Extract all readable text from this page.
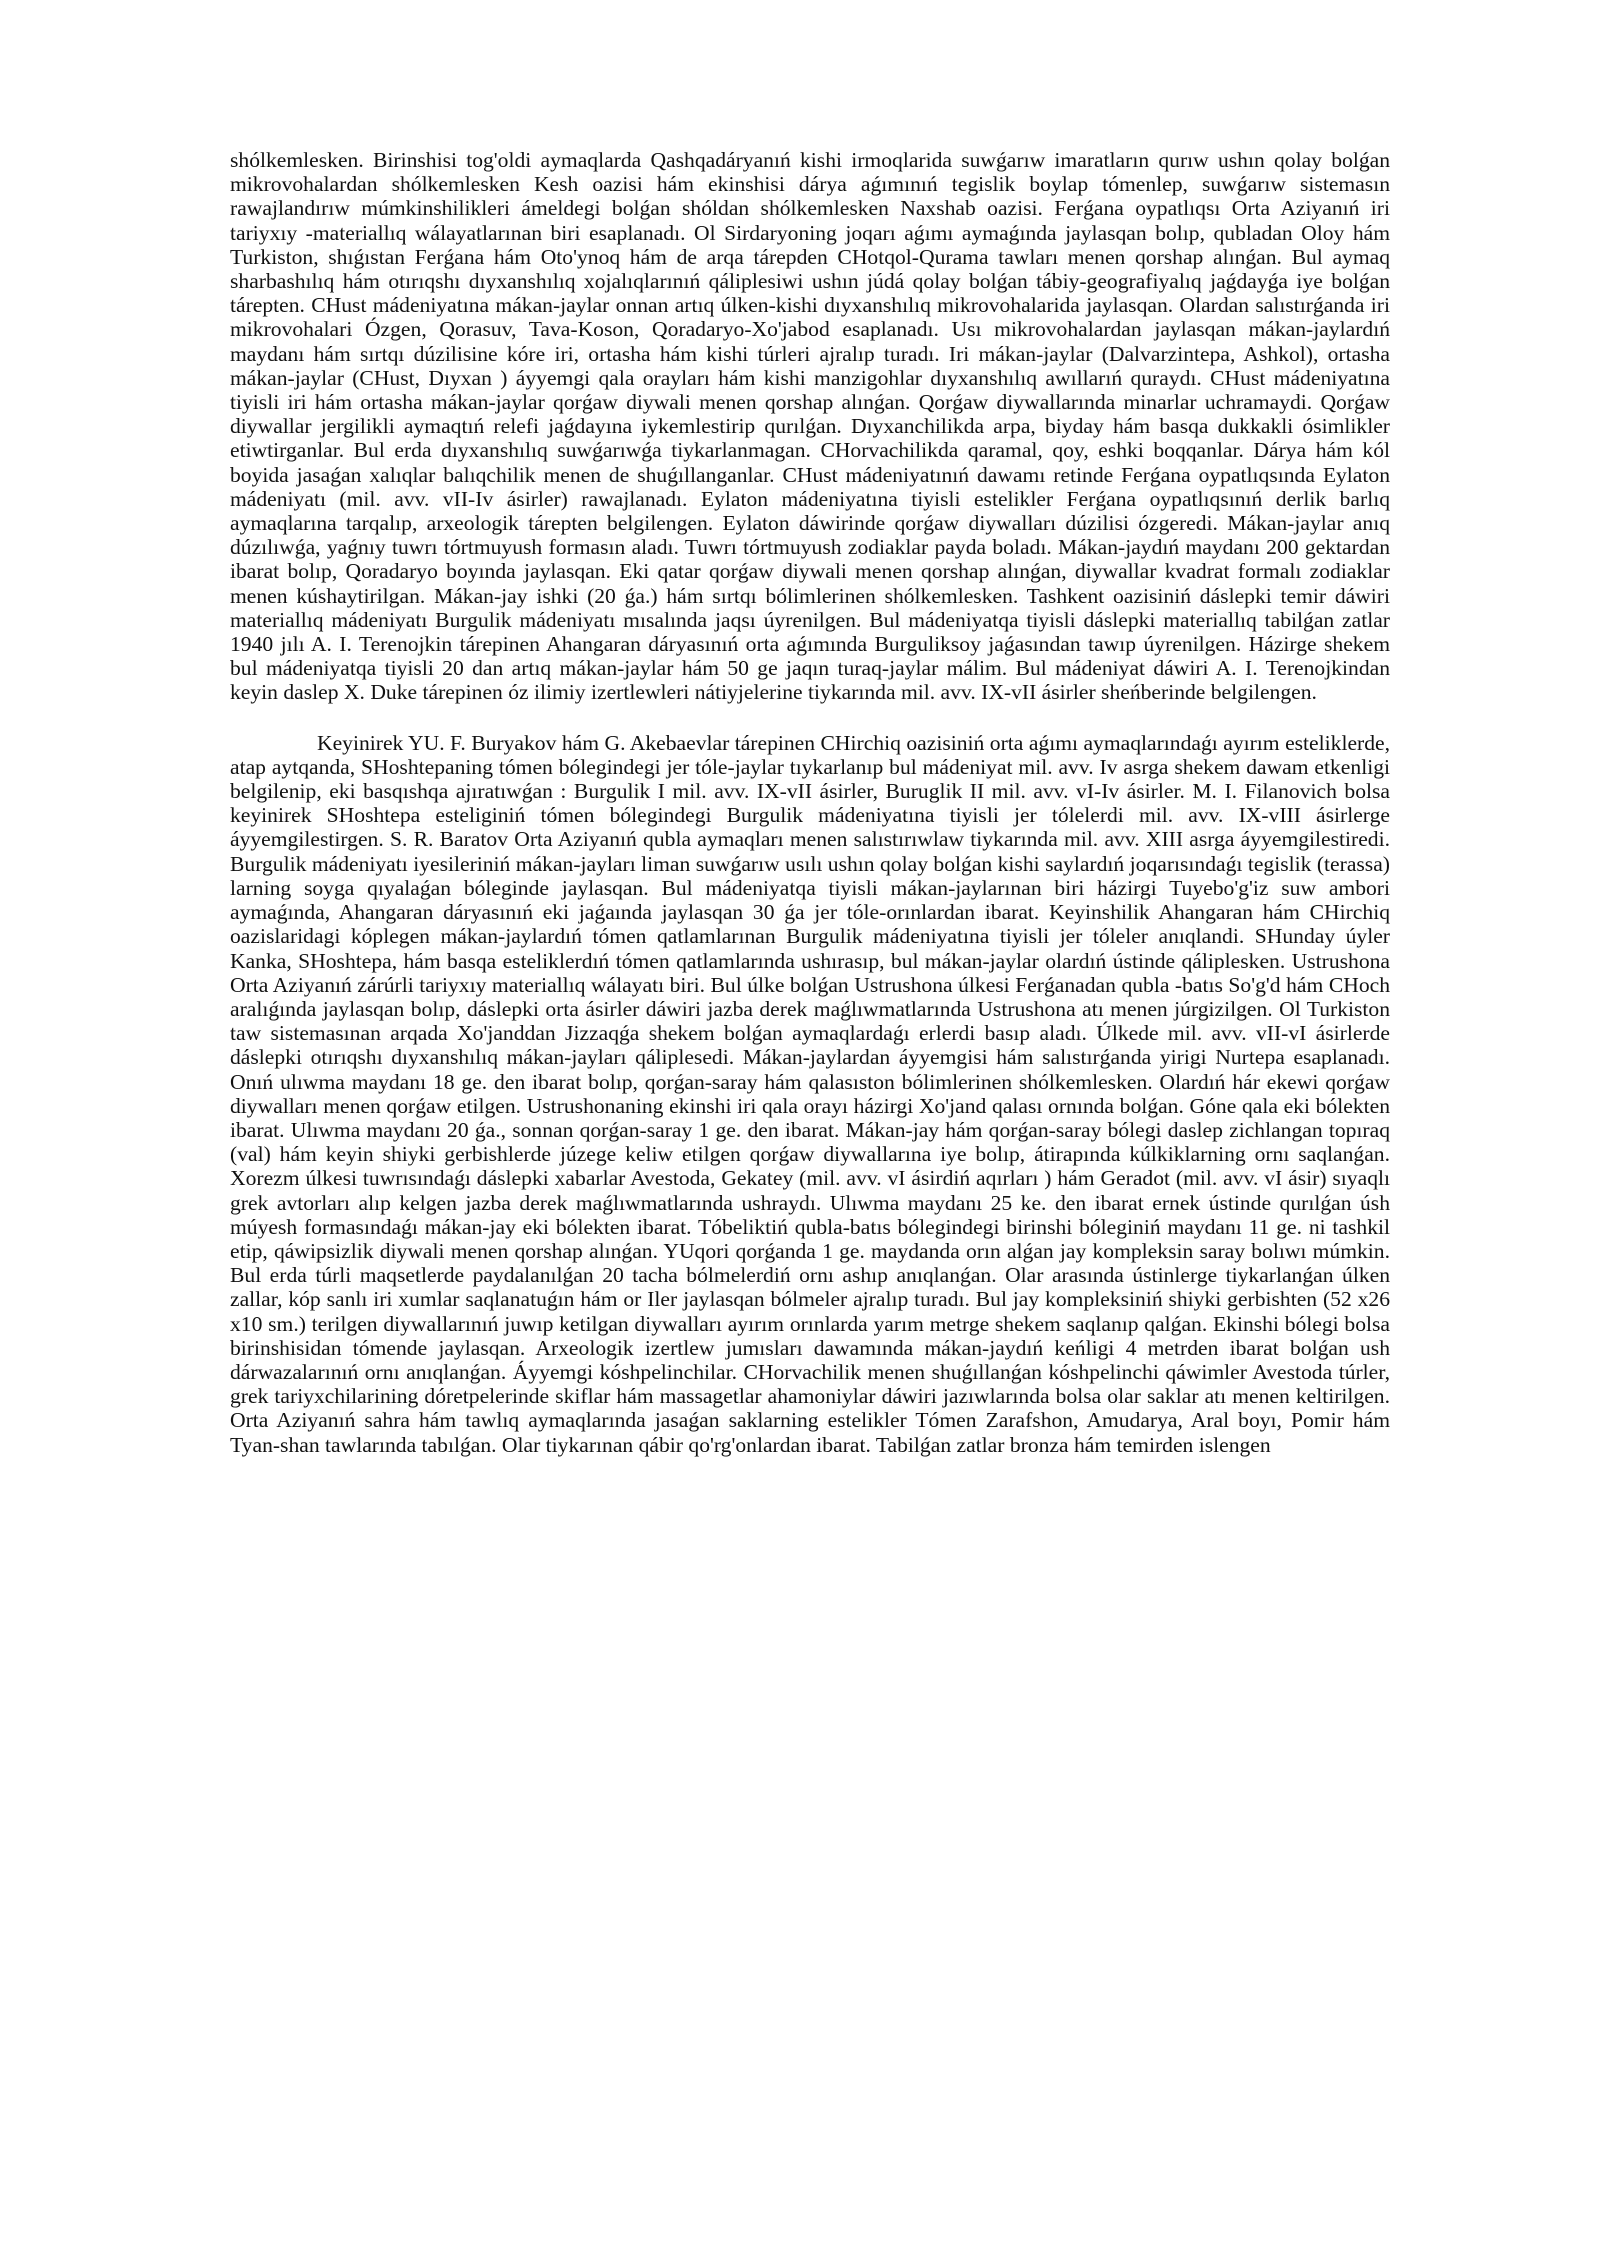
shólkemlesken. Birinshisi tog'oldi aymaqlarda Qashqadáryanıń kishi irmoqlarida suwǵarıw imaratların qurıw ushın qolay bolǵan mikrovohalardan shólkemlesken Kesh oazisi hám ekinshisi dárya aǵımınıń tegislik boylap tómenlep, suwǵarıw sistemasın rawajlandırıw múmkinshilikleri ámeldegi bolǵan shóldan shólkemlesken Naxshab oazisi. Ferǵana oypatlıqsı Orta Aziyanıń iri tariyxıy -materiallıq wálayatlarınan biri esaplanadı. Ol Sirdaryoning joqarı aǵımı aymaǵında jaylasqan bolıp, qubladan Oloy hám Turkiston, shıǵıstan Ferǵana hám Oto'ynoq hám de arqa tárepden CHotqol-Qurama tawları menen qorshap alınǵan. Bul aymaq sharbashılıq hám otırıqshı dıyxanshılıq xojalıqlarınıń qáliplesiwi ushın júdá qolay bolǵan tábiy-geografiyalıq jaǵdayǵa iye bolǵan tárepten. CHust mádeniyatına mákan-jaylar onnan artıq úlken-kishi dıyxanshılıq mikrovohalarida jaylasqan. Olardan salıstırǵanda iri mikrovohalari Ózgen, Qorasuv, Tava-Koson, Qoradaryo-Xo'jabod esaplanadı. Usı mikrovohalardan jaylasqan mákan-jaylardıń maydanı hám sırtqı dúzilisine kóre iri, ortasha hám kishi túrleri ajralıp turadı. Iri mákan-jaylar (Dalvarzintepa, Ashkol), ortasha mákan-jaylar (CHust, Dıyxan ) áyyemgi qala orayları hám kishi manzigohlar dıyxanshılıq awıllarıń quraydı. CHust mádeniyatına tiyisli iri hám ortasha mákan-jaylar qorǵaw diywali menen qorshap alınǵan. Qorǵaw diywallarında minarlar uchramaydi. Qorǵaw diywallar jergilikli aymaqtıń relefi jaǵdayına iykemlestirip qurılǵan. Dıyxanchilikda arpa, biyday hám basqa dukkakli ósimlikler etiwtirganlar. Bul erda dıyxanshılıq suwǵarıwǵa tiykarlanmagan. CHorvachilikda qaramal, qoy, eshki boqqanlar. Dárya hám kól boyida jasaǵan xalıqlar balıqchilik menen de shuǵıllanganlar. CHust mádeniyatınıń dawamı retinde Ferǵana oypatlıqsında Eylaton mádeniyatı (mil. avv. vII-Iv ásirler) rawajlanadı. Eylaton mádeniyatına tiyisli estelikler Ferǵana oypatlıqsınıń derlik barlıq aymaqlarına tarqalıp, arxeologik tárepten belgilengen. Eylaton dáwirinde qorǵaw diywalları dúzilisi ózgeredi. Mákan-jaylar anıq dúzılıwǵa, yaǵnıy tuwrı tórtmuyush formasın aladı. Tuwrı tórtmuyush zodiaklar payda boladı. Mákan-jaydıń maydanı 200 gektardan ibarat bolıp, Qoradaryo boyında jaylasqan. Eki qatar qorǵaw diywali menen qorshap alınǵan, diywallar kvadrat formalı zodiaklar menen kúshaytirilgan. Mákan-jay ishki (20 ǵa.) hám sırtqı bólimlerinen shólkemlesken. Tashkent oazisiniń dáslepki temir dáwiri materiallıq mádeniyatı Burgulik mádeniyatı mısalında jaqsı úyrenilgen. Bul mádeniyatqa tiyisli dáslepki materiallıq tabilǵan zatlar 1940 jılı A. I. Terenojkin tárepinen Ahangaran dáryasınıń orta aǵımında Burguliksoy jaǵasından tawıp úyrenilgen. Házirge shekem bul mádeniyatqa tiyisli 20 dan artıq mákan-jaylar hám 50 ge jaqın turaq-jaylar málim. Bul mádeniyat dáwiri A. I. Terenojkindan keyin daslep X. Duke tárepinen óz ilimiy izertlewleri nátiyjelerine tiykarında mil. avv. IX-vII ásirler sheńberinde belgilengen.

Keyinirek YU. F. Buryakov hám G. Akebaevlar tárepinen CHirchiq oazisiniń orta aǵımı aymaqlarındaǵı ayırım esteliklerde, atap aytqanda, SHoshtepaning tómen bólegindegi jer tóle-jaylar tıykarlanıp bul mádeniyat mil. avv. Iv asrga shekem dawam etkenligi belgilenip, eki basqıshqa ajıratıwǵan : Burgulik I mil. avv. IX-vII ásirler, Buruglik II mil. avv. vI-Iv ásirler. M. I. Filanovich bolsa keyinirek SHoshtepa esteliginiń tómen bólegindegi Burgulik mádeniyatına tiyisli jer tólelerdi mil. avv. IX-vIII ásirlerge áyyemgilestirgen. S. R. Baratov Orta Aziyanıń qubla aymaqları menen salıstırıwlaw tiykarında mil. avv. XIII asrga áyyemgilestiredi. Burgulik mádeniyatı iyesileriniń mákan-jayları liman suwǵarıw usılı ushın qolay bolǵan kishi saylardıń joqarısındaǵı tegislik (terassa) larning soyga qıyalaǵan bóleginde jaylasqan. Bul mádeniyatqa tiyisli mákan-jaylarınan biri házirgi Tuyebo'g'iz suw ambori aymaǵında, Ahangaran dáryasınıń eki jaǵaında jaylasqan 30 ǵa jer tóle-orınlardan ibarat. Keyinshilik Ahangaran hám CHirchiq oazislaridagi kóplegen mákan-jaylardıń tómen qatlamlarınan Burgulik mádeniyatına tiyisli jer tóleler anıqlandi. SHunday úyler Kanka, SHoshtepa, hám basqa esteliklerdıń tómen qatlamlarında ushırasıp, bul mákan-jaylar olardıń ústinde qáliplesken. Ustrushona Orta Aziyanıń zárúrli tariyxıy materiallıq wálayatı biri. Bul úlke bolǵan Ustrushona úlkesi Ferǵanadan qubla -batıs So'g'd hám CHoch aralıǵında jaylasqan bolıp, dáslepki orta ásirler dáwiri jazba derek maǵlıwmatlarında Ustrushona atı menen júrgizilgen. Ol Turkiston taw sistemasınan arqada Xo'janddan Jizzaqǵa shekem bolǵan aymaqlardaǵı erlerdi basıp aladı. Úlkede mil. avv. vII-vI ásirlerde dáslepki otırıqshı dıyxanshılıq mákan-jayları qáliplesedi. Mákan-jaylardan áyyemgisi hám salıstırǵanda yirigi Nurtepa esaplanadı. Onıń ulıwma maydanı 18 ge. den ibarat bolıp, qorǵan-saray hám qalasıston bólimlerinen shólkemlesken. Olardıń hár ekewi qorǵaw diywalları menen qorǵaw etilgen. Ustrushonaning ekinshi iri qala orayı házirgi Xo'jand qalası ornında bolǵan. Góne qala eki bólekten ibarat. Ulıwma maydanı 20 ǵa., sonnan qorǵan-saray 1 ge. den ibarat. Mákan-jay hám qorǵan-saray bólegi daslep zichlangan topıraq (val) hám keyin shiyki gerbishlerde júzege keliw etilgen qorǵaw diywallarına iye bolıp, átirapında kúlkiklarning ornı saqlanǵan. Xorezm úlkesi tuwrısındaǵı dáslepki xabarlar Avestoda, Gekatey (mil. avv. vI ásirdiń aqırları ) hám Geradot (mil. avv. vI ásir) sıyaqlı grek avtorları alıp kelgen jazba derek maǵlıwmatlarında ushraydı. Ulıwma maydanı 25 ke. den ibarat ernek ústinde qurılǵan úsh múyesh formasındaǵı mákan-jay eki bólekten ibarat. Tóbeliktiń qubla-batıs bólegindegi birinshi bóleginiń maydanı 11 ge. ni tashkil etip, qáwipsizlik diywali menen qorshap alınǵan. YUqori qorǵanda 1 ge. maydanda orın alǵan jay kompleksin saray bolıwı múmkin. Bul erda túrli maqsetlerde paydalanılǵan 20 tacha bólmelerdiń ornı ashıp anıqlanǵan. Olar arasında ústinlerge tiykarlanǵan úlken zallar, kóp sanlı iri xumlar saqlanatuǵın hám or Iler jaylasqan bólmeler ajralıp turadı. Bul jay kompleksiniń shiyki gerbishten (52 x26 x10 sm.) terilgen diywallarınıń juwıp ketilgan diywalları ayırım orınlarda yarım metrge shekem saqlanıp qalǵan. Ekinshi bólegi bolsa birinshisidan tómende jaylasqan. Arxeologik izertlew jumısları dawamında mákan-jaydıń keńligi 4 metrden ibarat bolǵan ush dárwazalarınıń ornı anıqlanǵan. Áyyemgi kóshpelinchilar. CHorvachilik menen shuǵıllanǵan kóshpelinchi qáwimler Avestoda túrler, grek tariyxchilarining dóretpelerinde skiflar hám massagetlar ahamoniylar dáwiri jazıwlarında bolsa olar saklar atı menen keltirilgen. Orta Aziyanıń sahra hám tawlıq aymaqlarında jasaǵan saklarning estelikler Tómen Zarafshon, Amudarya, Aral boyı, Pomir hám Tyan-shan tawlarında tabılǵan. Olar tiykarınan qábir qo'rg'onlardan ibarat. Tabilǵan zatlar bronza hám temirden islengen
